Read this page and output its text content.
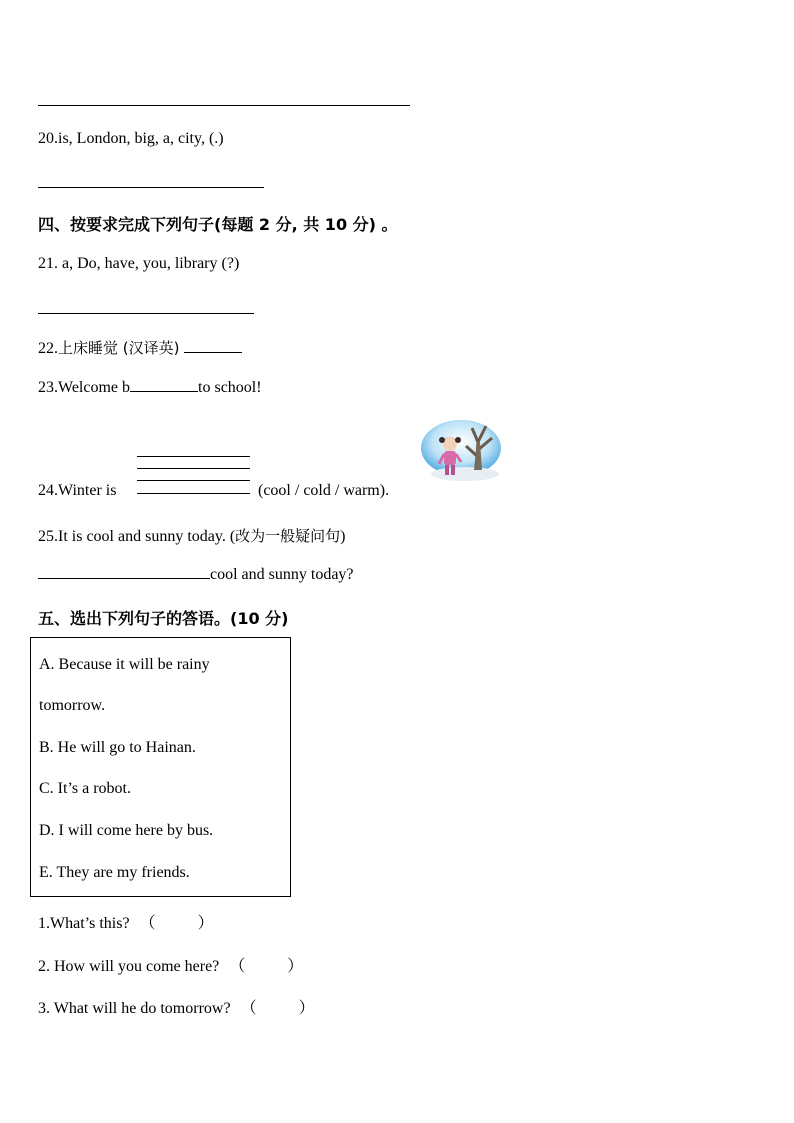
20.is, London, big, a, city, (.)
四、按要求完成下列句子(每题 2 分, 共 10 分) 。
21. a, Do, have, you, library (?)
22.上床睡觉 (汉译英)
23.Welcome b	to school!
24.Winter is	(cool / cold / warm).
25.It is cool and sunny today. (改为一般疑问句)
cool and sunny today?
五、选出下列句子的答语。(10 分)
A. Because it will be rainy
tomorrow.
B. He will go to Hainan.
C. It’s a robot.
D. I will come here by bus.
E. They are my friends.
1.What’s this? （	）
2. How will you come here? （	）
3. What will he do tomorrow? （	）
